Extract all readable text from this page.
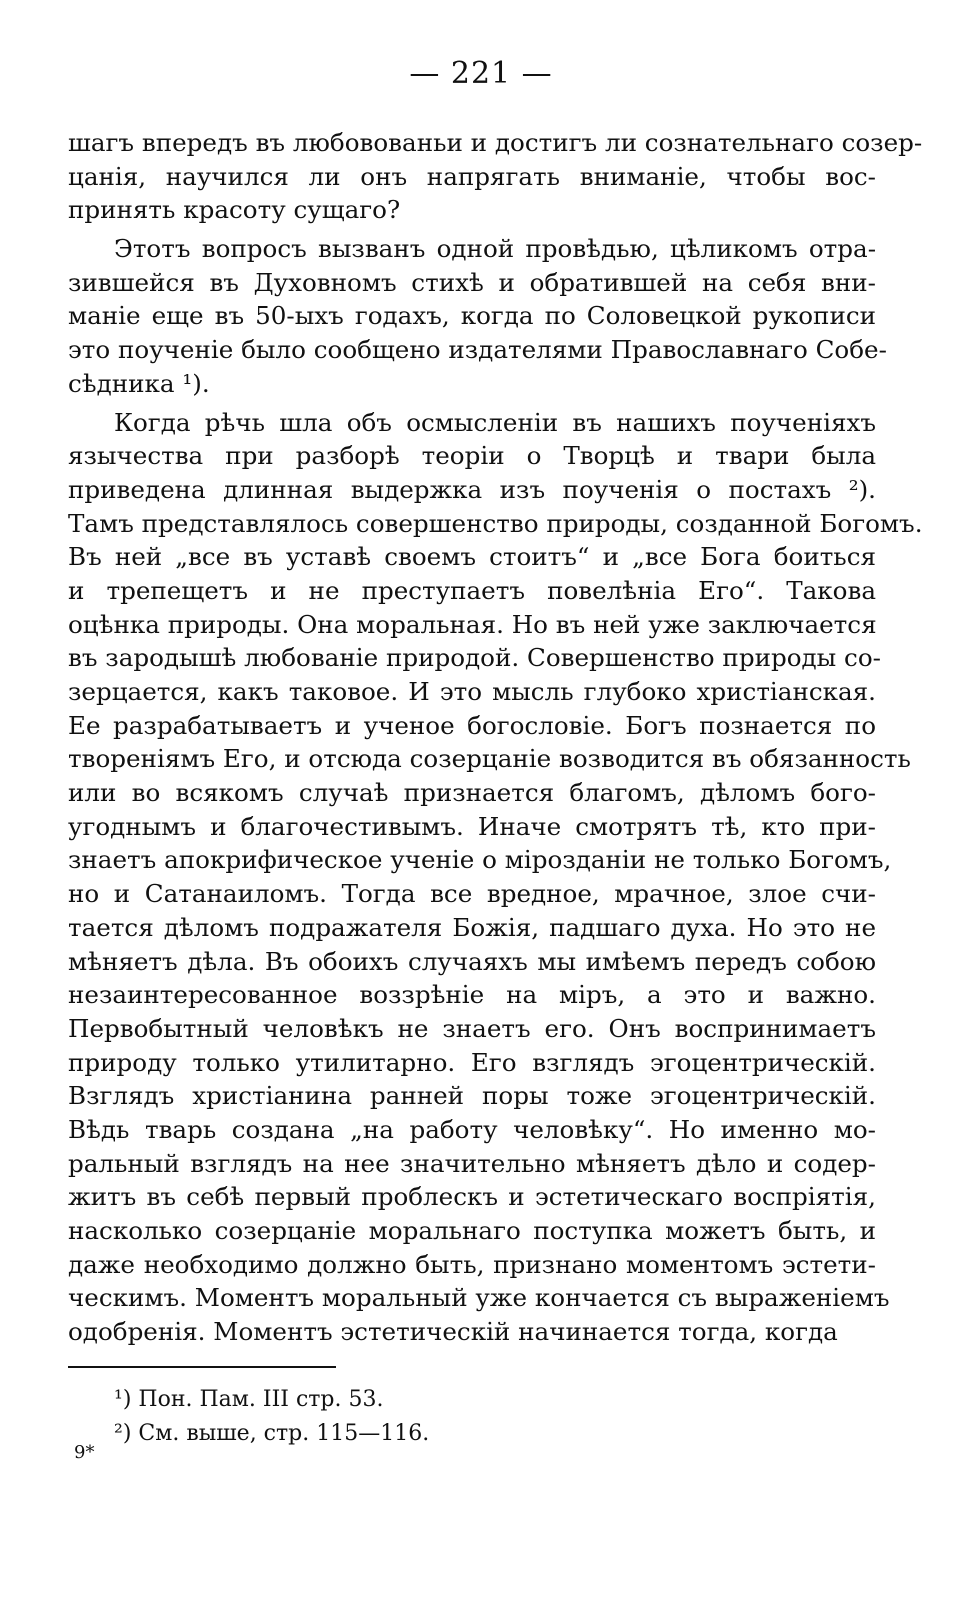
— 221 —
шагъ впередъ въ любовованьи и достигъ ли сознательнаго созер-
цанія, научился ли онъ напрягать вниманіе, чтобы вос-
принять красоту сущаго?
Этотъ вопросъ вызванъ одной провѣдью, цѣликомъ отра-
зившейся въ Духовномъ стихѣ и обратившей на себя вни-
маніе еще въ 50-ыхъ годахъ, когда по Соловецкой рукописи
это поученіе было сообщено издателями Православнаго Собе-
сѣдника ¹).
Когда рѣчь шла объ осмысленіи въ нашихъ поученіяхъ
язычества при разборѣ теоріи о Творцѣ и твари была
приведена длинная выдержка изъ поученія о постахъ ²).
Тамъ представлялось совершенство природы, созданной Богомъ.
Въ ней „все въ уставѣ своемъ стоитъ“ и „все Бога боиться
и трепещетъ и не преступаетъ повелѣніа Его“. Такова
оцѣнка природы. Она моральная. Но въ ней уже заключается
въ зародышѣ любованіе природой. Совершенство природы со-
зерцается, какъ таковое. И это мысль глубоко христіанская.
Ее разрабатываетъ и ученое богословіе. Богъ познается по
твореніямъ Его, и отсюда созерцаніе возводится въ обязанность
или во всякомъ случаѣ признается благомъ, дѣломъ бого-
угоднымъ и благочестивымъ. Иначе смотрятъ тѣ, кто при-
знаетъ апокрифическое ученіе о мірозданіи не только Богомъ,
но и Сатанаиломъ. Тогда все вредное, мрачное, злое счи-
тается дѣломъ подражателя Божія, падшаго духа. Но это не
мѣняетъ дѣла. Въ обоихъ случаяхъ мы имѣемъ передъ собою
незаинтересованное воззрѣніе на міръ, а это и важно.
Первобытный человѣкъ не знаетъ его. Онъ воспринимаетъ
природу только утилитарно. Его взглядъ эгоцентрическій.
Взглядъ христіанина ранней поры тоже эгоцентрическій.
Вѣдь тварь создана „на работу человѣку“. Но именно мо-
ральный взглядъ на нее значительно мѣняетъ дѣло и содер-
житъ въ себѣ первый проблескъ и эстетическаго воспріятія,
насколько созерцаніе моральнаго поступка можетъ быть, и
даже необходимо должно быть, признано моментомъ эстети-
ческимъ. Моментъ моральный уже кончается съ выраженіемъ
одобренія. Моментъ эстетическій начинается тогда, когда
¹) Пон. Пам. III стр. 53.
²) См. выше, стр. 115—116.
9*
